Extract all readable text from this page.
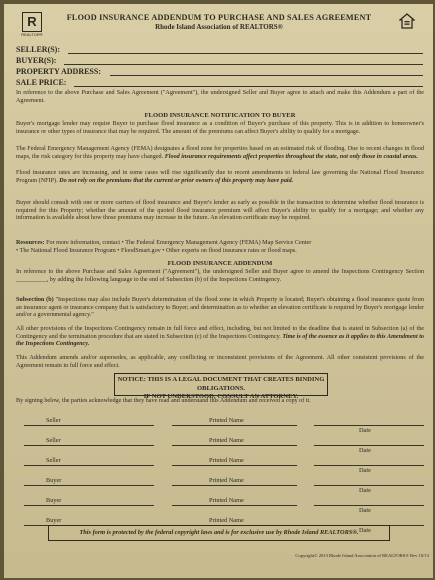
R
REALTOR®
FLOOD INSURANCE ADDENDUM TO PURCHASE AND SALES AGREEMENT
Rhode Island Association of REALTORS®
SELLER(S):
BUYER(S):
PROPERTY ADDRESS:
SALE PRICE:
In reference to the above Purchase and Sales Agreement ("Agreement"), the undersigned Seller and Buyer agree to attach and make this Addendum a part of the Agreement.
FLOOD INSURANCE NOTIFICATION TO BUYER
Buyer's mortgage lender may require Buyer to purchase flood insurance as a condition of Buyer's purchase of this property. This is in addition to homeowner's insurance or other types of insurance that may be required. The amount of the premiums can affect Buyer's ability to qualify for a mortgage.
The Federal Emergency Management Agency (FEMA) designates a flood zone for properties based on an estimated risk of flooding. Due to recent changes in flood maps, the risk category for this property may have changed. Flood insurance requirements affect properties throughout the state, not only those in coastal areas.
Flood insurance rates are increasing, and in some cases will rise significantly due to recent amendments to federal law governing the National Flood Insurance Program (NFIP). Do not rely on the premiums that the current or prior owners of this property may have paid.
Buyer should consult with one or more carriers of flood insurance and Buyer's lender as early as possible in the transaction to determine whether flood insurance is required for this Property; whether the amount of the quoted flood insurance premium will affect Buyer's ability to qualify for a mortgage; and whether any information is available about how those premiums may increase in the future. An elevation certificate may be required.
Resources: For more information, contact • The Federal Emergency Management Agency (FEMA) Map Service Center
• The National Flood Insurance Program • FloodSmart.gov • Other experts on flood insurance rates or flood maps.
FLOOD INSURANCE ADDENDUM
In reference to the above Purchase and Sales Agreement ("Agreement"), the undersigned Seller and Buyer agree to amend the Inspections Contingency Section __________, by adding the following language to the end of Subsection (b) of the Inspections Contingency.
Subsection (b) "Inspections may also include Buyer's determination of the flood zone in which Property is located; Buyer's obtaining a flood insurance quote from an insurance agent or insurance company that is satisfactory to Buyer; and determination as to whether an elevation certificate is required by Buyer's mortgage lender and/or a governmental agency."
All other provisions of the Inspections Contingency remain in full force and effect, including, but not limited to the deadline that is stated in Subsection (a) of the Contingency and the termination procedure that are stated in Subsection (c) of the Inspections Contingency. Time is of the essence as it applies to this Amendment to the Inspections Contingency.
This Addendum amends and/or supersedes, as applicable, any conflicting or inconsistent provisions of the Agreement. All other consistent provisions of the Agreement remain in full force and effect.
NOTICE: THIS IS A LEGAL DOCUMENT THAT CREATES BINDING OBLIGATIONS.
IF NOT UNDERSTOOD, CONSULT AN ATTORNEY.
By signing below, the parties acknowledge that they have read and understand this Addendum and received a copy of it.
Seller	Printed Name
Date
Seller	Printed Name
Date
Seller	Printed Name
Date
Buyer	Printed Name
Date
Buyer	Printed Name
Date
Buyer	Printed Name
Date
This form is protected by the federal copyright laws and is for exclusive use by Rhode Island REALTORS®.
Copyright© 2013 Rhode Island Association of REALTORS® Rev 10/13
